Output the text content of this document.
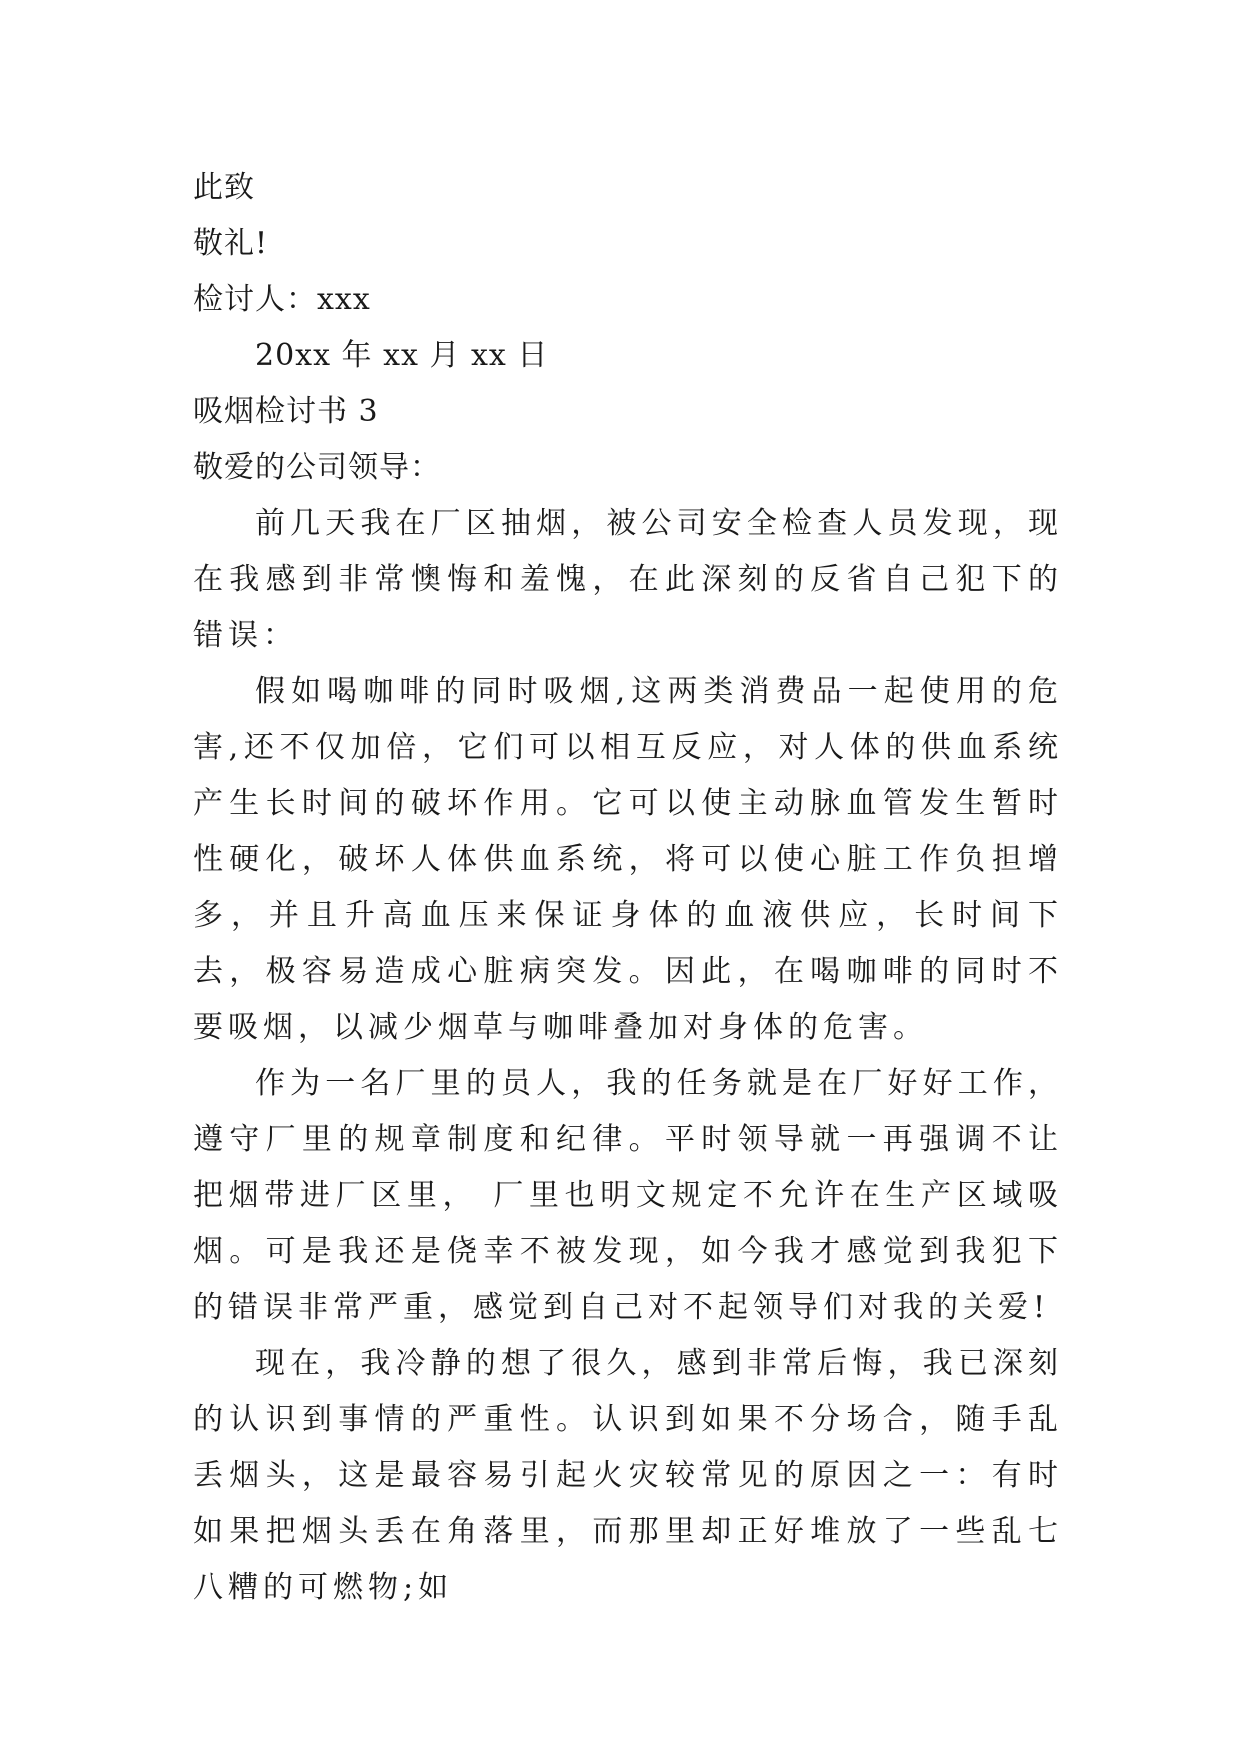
此致
敬礼!
检讨人：xxx
20xx 年 xx 月 xx 日
吸烟检讨书 3
敬爱的公司领导：

前几天我在厂区抽烟，被公司安全检查人员发现，现在我感到非常懊悔和羞愧，在此深刻的反省自己犯下的错误：

假如喝咖啡的同时吸烟,这两类消费品一起使用的危害,还不仅加倍，它们可以相互反应，对人体的供血系统产生长时间的破坏作用。它可以使主动脉血管发生暂时性硬化，破坏人体供血系统，将可以使心脏工作负担增多，并且升高血压来保证身体的血液供应，长时间下去，极容易造成心脏病突发。因此，在喝咖啡的同时不要吸烟，以减少烟草与咖啡叠加对身体的危害。

作为一名厂里的员人，我的任务就是在厂好好工作，遵守厂里的规章制度和纪律。平时领导就一再强调不让把烟带进厂区里， 厂里也明文规定不允许在生产区域吸烟。可是我还是侥幸不被发现，如今我才感觉到我犯下的错误非常严重，感觉到自己对不起领导们对我的关爱!

现在，我冷静的想了很久，感到非常后悔，我已深刻的认识到事情的严重性。认识到如果不分场合，随手乱丢烟头，这是最容易引起火灾较常见的原因之一：有时如果把烟头丢在角落里，而那里却正好堆放了一些乱七八糟的可燃物;如
